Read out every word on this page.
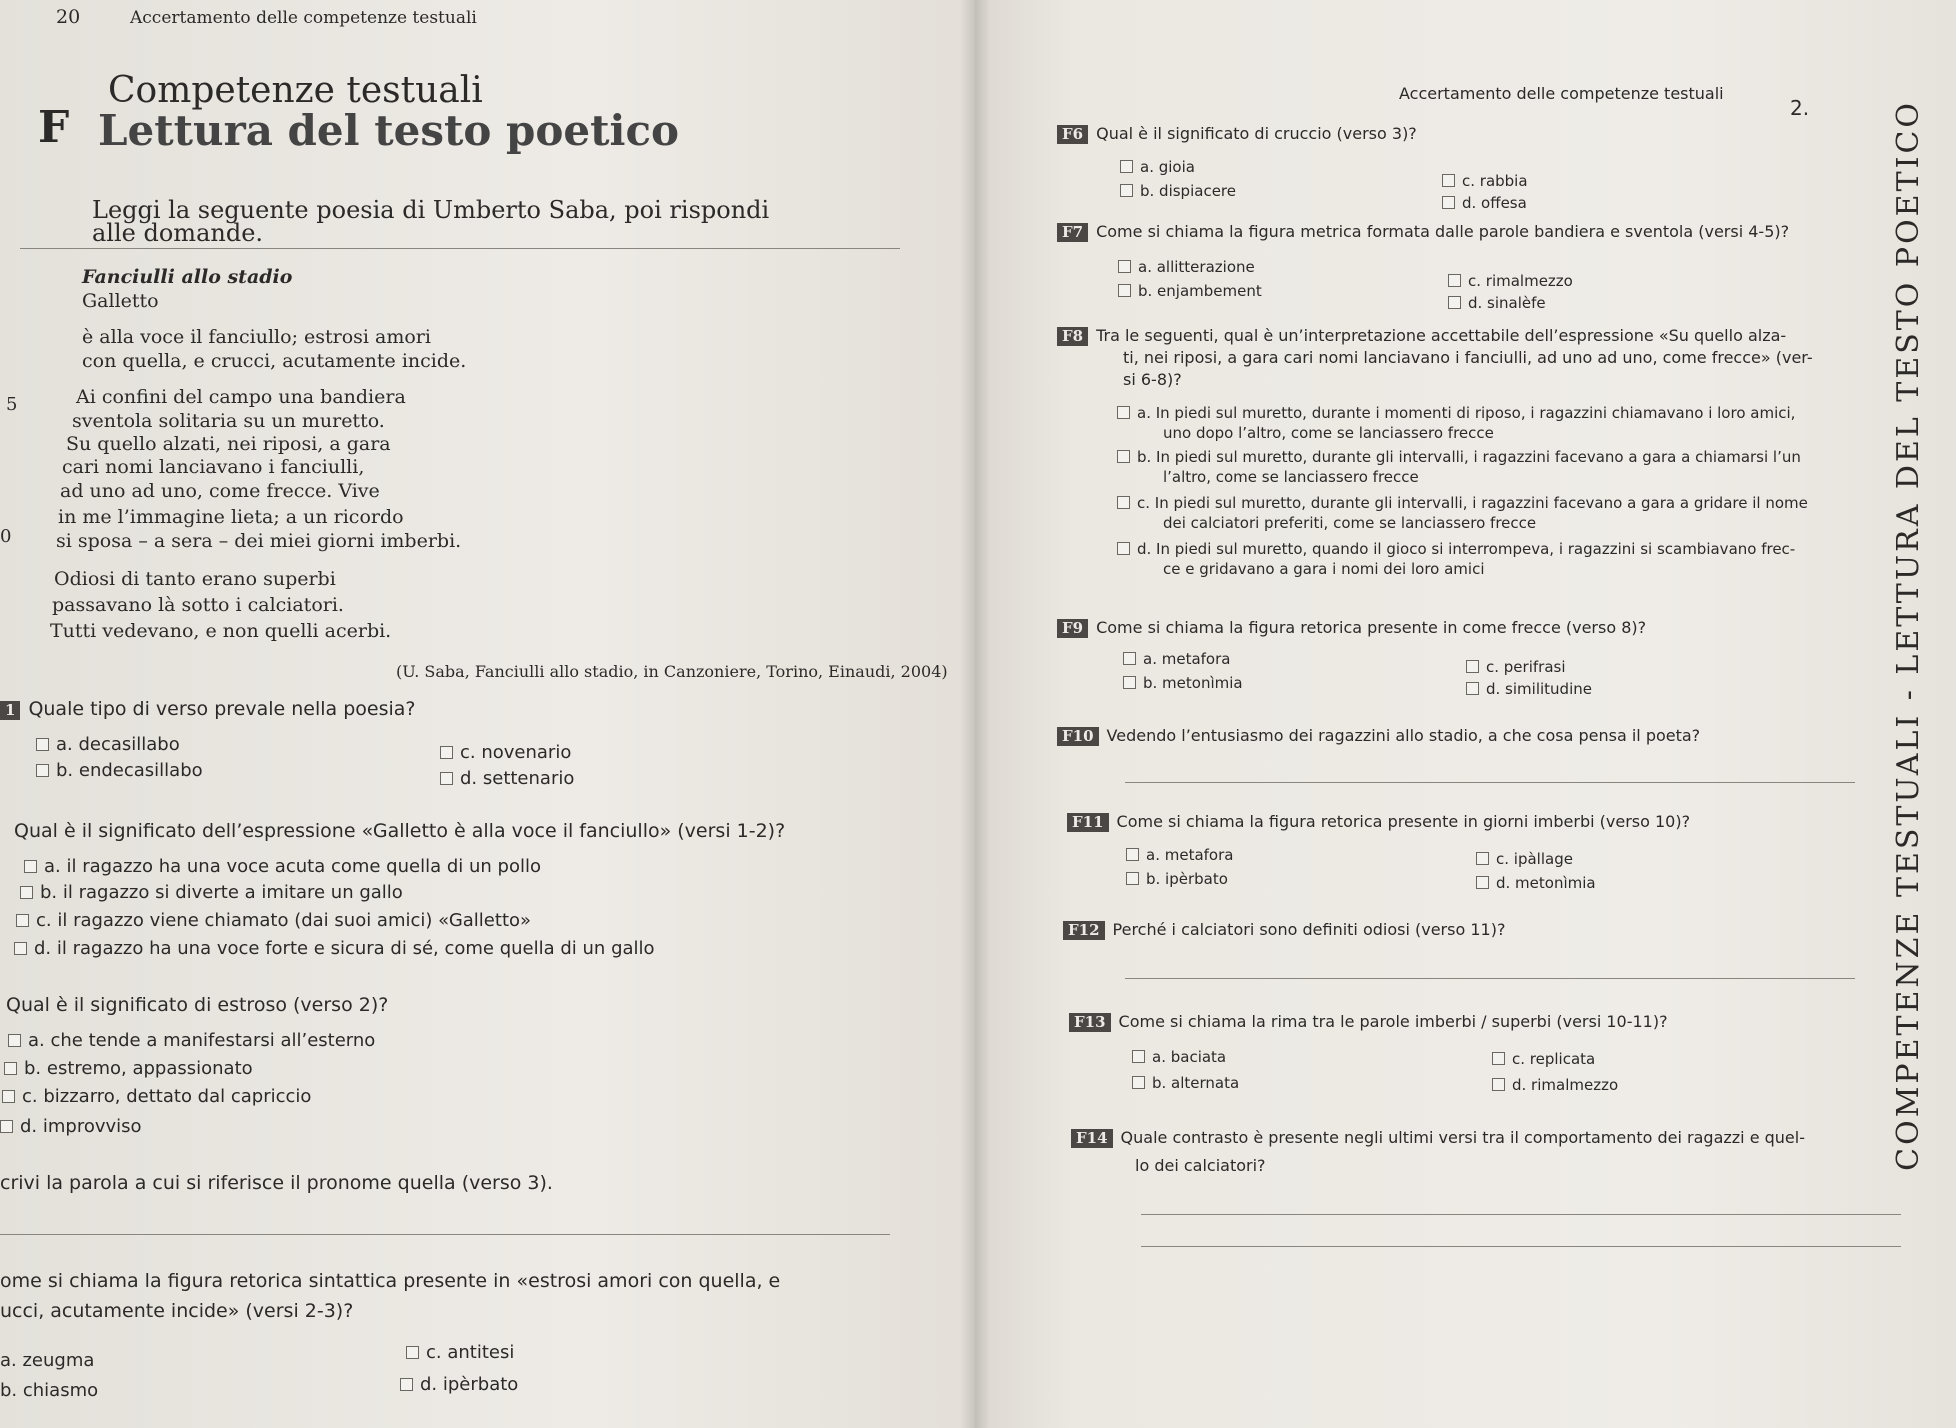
20	Accertamento delle competenze testuali
Competenze testuali
F Lettura del testo poetico
Leggi la seguente poesia di Umberto Saba, poi rispondi
alle domande.
Fanciulli allo stadio
Galletto
è alla voce il fanciullo; estrosi amori
con quella, e crucci, acutamente incide.
Ai confini del campo una bandiera
5
sventola solitaria su un muretto.
Su quello alzati, nei riposi, a gara
cari nomi lanciavano i fanciulli,
ad uno ad uno, come frecce. Vive
in me l’immagine lieta; a un ricordo
0 si sposa – a sera – dei miei giorni imberbi.
Odiosi di tanto erano superbi
passavano là sotto i calciatori.
Tutti vedevano, e non quelli acerbi.
(U. Saba, Fanciulli allo stadio, in Canzoniere, Torino, Einaudi, 2004)
1 Quale tipo di verso prevale nella poesia?
a. decasillabo
b. endecasillabo
c. novenario
d. settenario
Qual è il significato dell’espressione «Galletto è alla voce il fanciullo» (versi 1-2)?
a. il ragazzo ha una voce acuta come quella di un pollo
b. il ragazzo si diverte a imitare un gallo
c. il ragazzo viene chiamato (dai suoi amici) «Galletto»
d. il ragazzo ha una voce forte e sicura di sé, come quella di un gallo
Qual è il significato di estroso (verso 2)?
a. che tende a manifestarsi all’esterno
b. estremo, appassionato
c. bizzarro, dettato dal capriccio
d. improvviso
crivi la parola a cui si riferisce il pronome quella (verso 3).
ome si chiama la figura retorica sintattica presente in «estrosi amori con quella, e
ucci, acutamente incide» (versi 2-3)?
a. zeugma
b. chiasmo
c. antitesi
d. ipèrbato
Accertamento delle competenze testuali
2.
F6 Qual è il significato di cruccio (verso 3)?
a. gioia
b. dispiacere
c. rabbia
d. offesa
F7 Come si chiama la figura metrica formata dalle parole bandiera e sventola (versi 4-5)?
a. allitterazione
b. enjambement
c. rimalmezzo
d. sinalèfe
F8 Tra le seguenti, qual è un’interpretazione accettabile dell’espressione «Su quello alza-
ti, nei riposi, a gara cari nomi lanciavano i fanciulli, ad uno ad uno, come frecce» (ver-
si 6-8)?
a. In piedi sul muretto, durante i momenti di riposo, i ragazzini chiamavano i loro amici,
uno dopo l’altro, come se lanciassero frecce
b. In piedi sul muretto, durante gli intervalli, i ragazzini facevano a gara a chiamarsi l’un
l’altro, come se lanciassero frecce
c. In piedi sul muretto, durante gli intervalli, i ragazzini facevano a gara a gridare il nome
dei calciatori preferiti, come se lanciassero frecce
d. In piedi sul muretto, quando il gioco si interrompeva, i ragazzini si scambiavano frec-
ce e gridavano a gara i nomi dei loro amici
F9 Come si chiama la figura retorica presente in come frecce (verso 8)?
a. metafora
b. metonìmia
c. perifrasi
d. similitudine
F10 Vedendo l’entusiasmo dei ragazzini allo stadio, a che cosa pensa il poeta?
F11 Come si chiama la figura retorica presente in giorni imberbi (verso 10)?
a. metafora
b. ipèrbato
c. ipàllage
d. metonìmia
F12 Perché i calciatori sono definiti odiosi (verso 11)?
F13 Come si chiama la rima tra le parole imberbi / superbi (versi 10-11)?
a. baciata
b. alternata
c. replicata
d. rimalmezzo
F14 Quale contrasto è presente negli ultimi versi tra il comportamento dei ragazzi e quel-
lo dei calciatori?	COMPETENZE TESTUALI - LETTURA DEL TESTO POETICO
